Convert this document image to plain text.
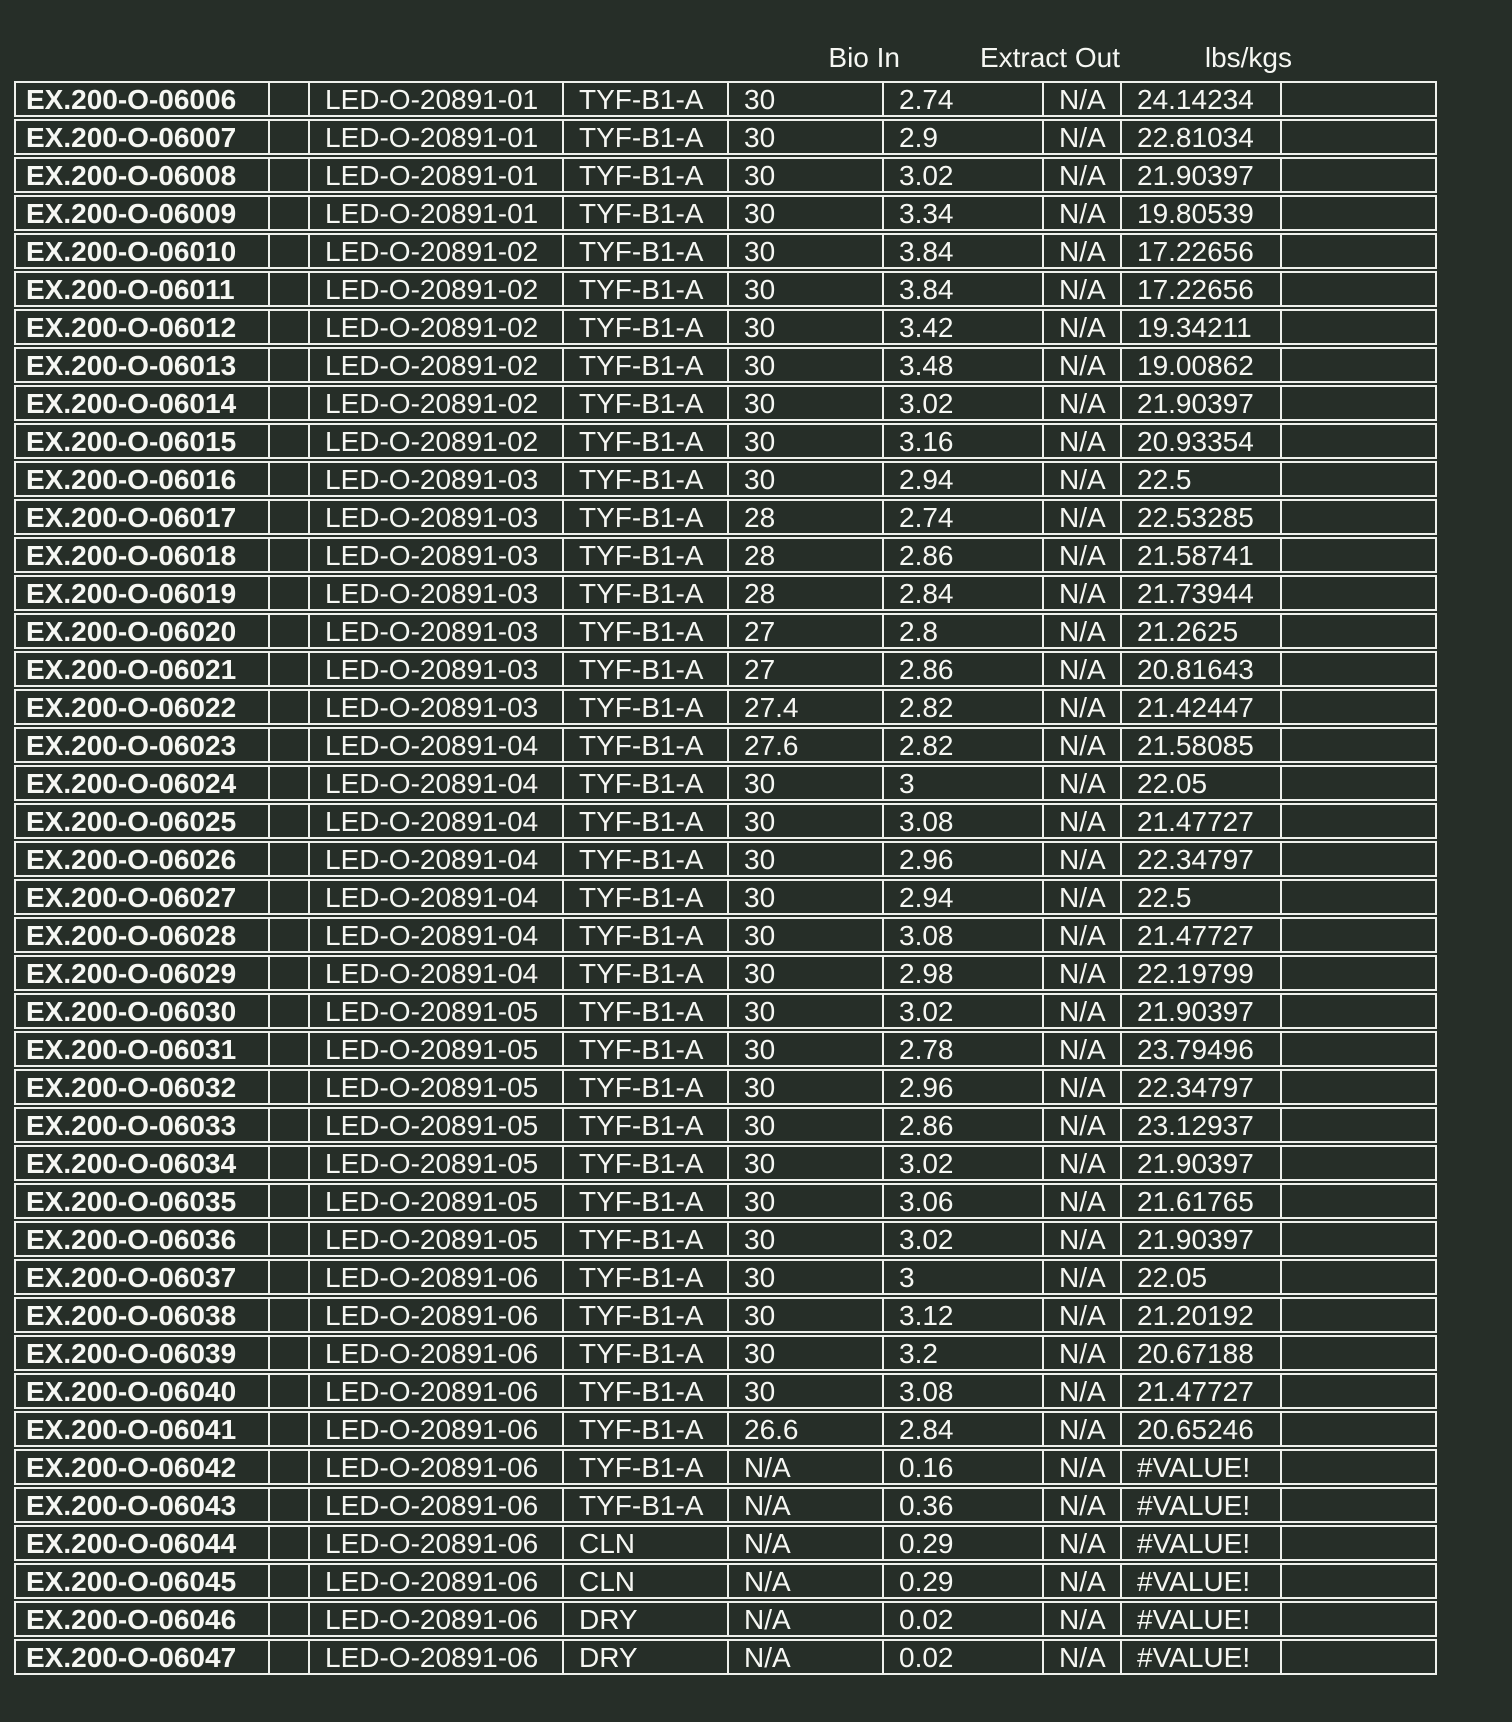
Bio In	Extract Out	lbs/kgs
EX.200-O-06006		LED-O-20891-01	TYF-B1-A	30	2.74	N/A	24.14234	
EX.200-O-06007		LED-O-20891-01	TYF-B1-A	30	2.9	N/A	22.81034	
EX.200-O-06008		LED-O-20891-01	TYF-B1-A	30	3.02	N/A	21.90397	
EX.200-O-06009		LED-O-20891-01	TYF-B1-A	30	3.34	N/A	19.80539	
EX.200-O-06010		LED-O-20891-02	TYF-B1-A	30	3.84	N/A	17.22656	
EX.200-O-06011		LED-O-20891-02	TYF-B1-A	30	3.84	N/A	17.22656	
EX.200-O-06012		LED-O-20891-02	TYF-B1-A	30	3.42	N/A	19.34211	
EX.200-O-06013		LED-O-20891-02	TYF-B1-A	30	3.48	N/A	19.00862	
EX.200-O-06014		LED-O-20891-02	TYF-B1-A	30	3.02	N/A	21.90397	
EX.200-O-06015		LED-O-20891-02	TYF-B1-A	30	3.16	N/A	20.93354	
EX.200-O-06016		LED-O-20891-03	TYF-B1-A	30	2.94	N/A	22.5	
EX.200-O-06017		LED-O-20891-03	TYF-B1-A	28	2.74	N/A	22.53285	
EX.200-O-06018		LED-O-20891-03	TYF-B1-A	28	2.86	N/A	21.58741	
EX.200-O-06019		LED-O-20891-03	TYF-B1-A	28	2.84	N/A	21.73944	
EX.200-O-06020		LED-O-20891-03	TYF-B1-A	27	2.8	N/A	21.2625	
EX.200-O-06021		LED-O-20891-03	TYF-B1-A	27	2.86	N/A	20.81643	
EX.200-O-06022		LED-O-20891-03	TYF-B1-A	27.4	2.82	N/A	21.42447	
EX.200-O-06023		LED-O-20891-04	TYF-B1-A	27.6	2.82	N/A	21.58085	
EX.200-O-06024		LED-O-20891-04	TYF-B1-A	30	3	N/A	22.05	
EX.200-O-06025		LED-O-20891-04	TYF-B1-A	30	3.08	N/A	21.47727	
EX.200-O-06026		LED-O-20891-04	TYF-B1-A	30	2.96	N/A	22.34797	
EX.200-O-06027		LED-O-20891-04	TYF-B1-A	30	2.94	N/A	22.5	
EX.200-O-06028		LED-O-20891-04	TYF-B1-A	30	3.08	N/A	21.47727	
EX.200-O-06029		LED-O-20891-04	TYF-B1-A	30	2.98	N/A	22.19799	
EX.200-O-06030		LED-O-20891-05	TYF-B1-A	30	3.02	N/A	21.90397	
EX.200-O-06031		LED-O-20891-05	TYF-B1-A	30	2.78	N/A	23.79496	
EX.200-O-06032		LED-O-20891-05	TYF-B1-A	30	2.96	N/A	22.34797	
EX.200-O-06033		LED-O-20891-05	TYF-B1-A	30	2.86	N/A	23.12937	
EX.200-O-06034		LED-O-20891-05	TYF-B1-A	30	3.02	N/A	21.90397	
EX.200-O-06035		LED-O-20891-05	TYF-B1-A	30	3.06	N/A	21.61765	
EX.200-O-06036		LED-O-20891-05	TYF-B1-A	30	3.02	N/A	21.90397	
EX.200-O-06037		LED-O-20891-06	TYF-B1-A	30	3	N/A	22.05	
EX.200-O-06038		LED-O-20891-06	TYF-B1-A	30	3.12	N/A	21.20192	
EX.200-O-06039		LED-O-20891-06	TYF-B1-A	30	3.2	N/A	20.67188	
EX.200-O-06040		LED-O-20891-06	TYF-B1-A	30	3.08	N/A	21.47727	
EX.200-O-06041		LED-O-20891-06	TYF-B1-A	26.6	2.84	N/A	20.65246	
EX.200-O-06042		LED-O-20891-06	TYF-B1-A	N/A	0.16	N/A	#VALUE!	
EX.200-O-06043		LED-O-20891-06	TYF-B1-A	N/A	0.36	N/A	#VALUE!	
EX.200-O-06044		LED-O-20891-06	CLN	N/A	0.29	N/A	#VALUE!	
EX.200-O-06045		LED-O-20891-06	CLN	N/A	0.29	N/A	#VALUE!	
EX.200-O-06046		LED-O-20891-06	DRY	N/A	0.02	N/A	#VALUE!	
EX.200-O-06047		LED-O-20891-06	DRY	N/A	0.02	N/A	#VALUE!	
